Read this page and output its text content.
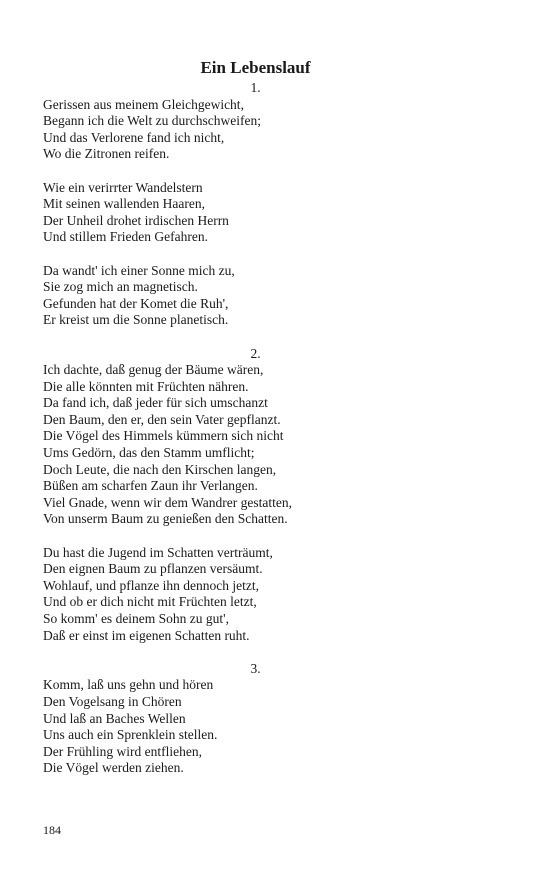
Ein Lebenslauf

1.

Gerissen aus meinem Gleichgewicht,
Begann ich die Welt zu durchschweifen;
Und das Verlorene fand ich nicht,
Wo die Zitronen reifen.
Wie ein verirrter Wandelstern
Mit seinen wallenden Haaren,
Der Unheil drohet irdischen Herrn
Und stillem Frieden Gefahren.
Da wandt' ich einer Sonne mich zu,
Sie zog mich an magnetisch.
Gefunden hat der Komet die Ruh',
Er kreist um die Sonne planetisch.

2.

Ich dachte, daß genug der Bäume wären,
Die alle könnten mit Früchten nähren.
Da fand ich, daß jeder für sich umschanzt
Den Baum, den er, den sein Vater gepflanzt.
Die Vögel des Himmels kümmern sich nicht
Ums Gedörn, das den Stamm umflicht;
Doch Leute, die nach den Kirschen langen,
Büßen am scharfen Zaun ihr Verlangen.
Viel Gnade, wenn wir dem Wandrer gestatten,
Von unserm Baum zu genießen den Schatten.
Du hast die Jugend im Schatten verträumt,
Den eignen Baum zu pflanzen versäumt.
Wohlauf, und pflanze ihn dennoch jetzt,
Und ob er dich nicht mit Früchten letzt,
So komm' es deinem Sohn zu gut',
Daß er einst im eigenen Schatten ruht.

3.

Komm, laß uns gehn und hören
Den Vogelsang in Chören
Und laß an Baches Wellen
Uns auch ein Sprenklein stellen.
Der Frühling wird entfliehen,
Die Vögel werden ziehen.
184
